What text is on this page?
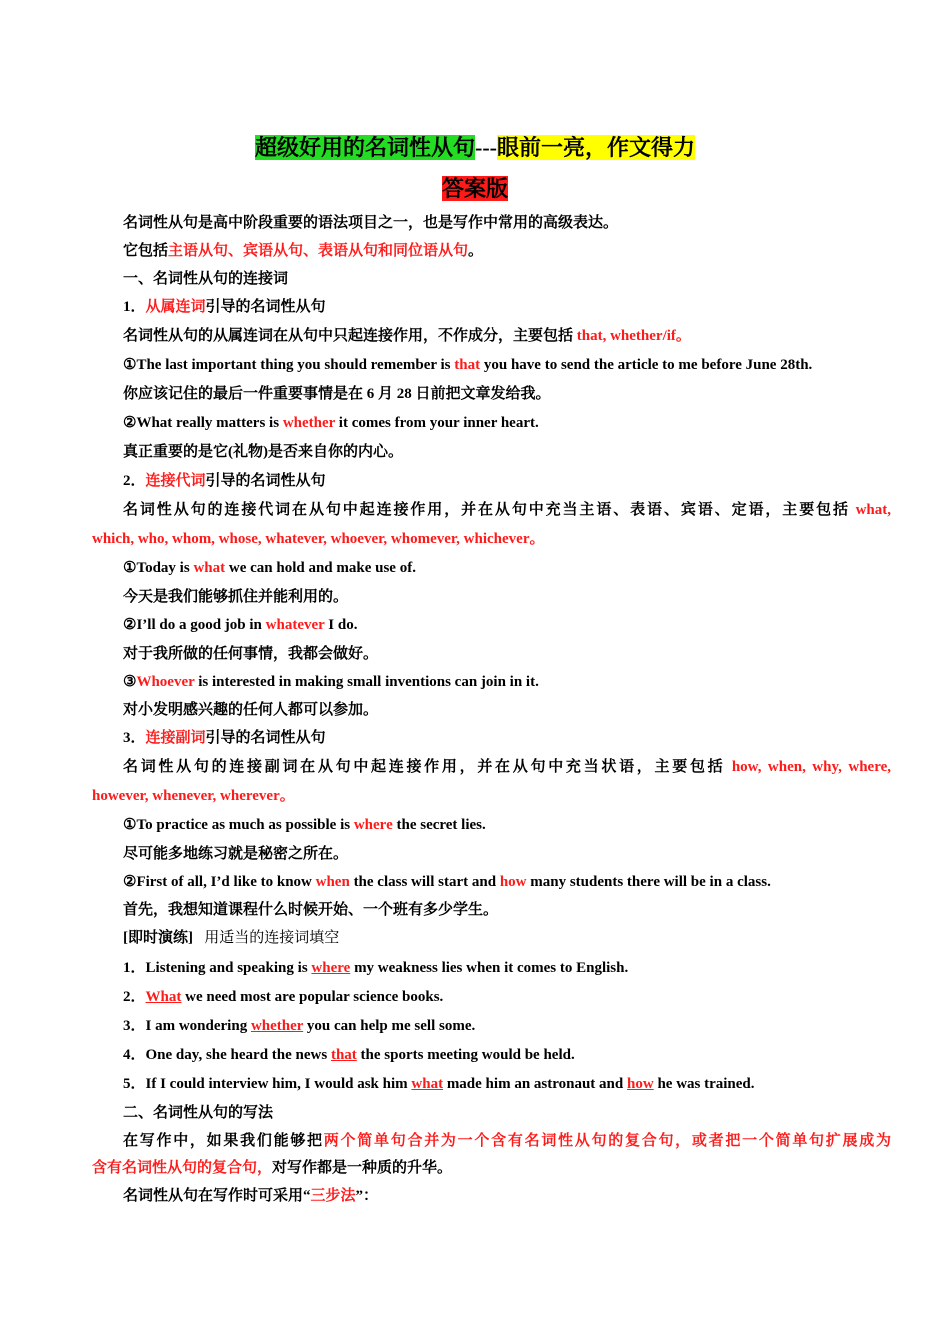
超级好用的名词性从句---眼前一亮，作文得力
答案版
名词性从句是高中阶段重要的语法项目之一，也是写作中常用的高级表达。
它包括主语从句、宾语从句、表语从句和同位语从句。
一、名词性从句的连接词
1．从属连词引导的名词性从句
名词性从句的从属连词在从句中只起连接作用，不作成分，主要包括 that, whether/if。
①The last important thing you should remember is that you have to send the article to me before June 28th.
你应该记住的最后一件重要事情是在 6 月 28 日前把文章发给我。
②What really matters is whether it comes from your inner heart.
真正重要的是它(礼物)是否来自你的内心。
2．连接代词引导的名词性从句
名词性从句的连接代词在从句中起连接作用，并在从句中充当主语、表语、宾语、定语，主要包括 what,
which, who, whom, whose, whatever, whoever, whomever, whichever。
①Today is what we can hold and make use of.
今天是我们能够抓住并能利用的。
②I’ll do a good job in whatever I do.
对于我所做的任何事情，我都会做好。
③Whoever is interested in making small inventions can join in it.
对小发明感兴趣的任何人都可以参加。
3．连接副词引导的名词性从句
名词性从句的连接副词在从句中起连接作用，并在从句中充当状语，主要包括 how, when, why, where,
however, whenever, wherever。
①To practice as much as possible is where the secret lies.
尽可能多地练习就是秘密之所在。
②First of all, I’d like to know when the class will start and how many students there will be in a class.
首先，我想知道课程什么时候开始、一个班有多少学生。
[即时演练] 用适当的连接词填空
1．Listening and speaking is where my weakness lies when it comes to English.
2．What we need most are popular science books.
3．I am wondering whether you can help me sell some.
4．One day, she heard the news that the sports meeting would be held.
5．If I could interview him, I would ask him what made him an astronaut and how he was trained.
二、名词性从句的写法
在写作中，如果我们能够把两个简单句合并为一个含有名词性从句的复合句，或者把一个简单句扩展成为
含有名词性从句的复合句，对写作都是一种质的升华。
名词性从句在写作时可采用“三步法”：
